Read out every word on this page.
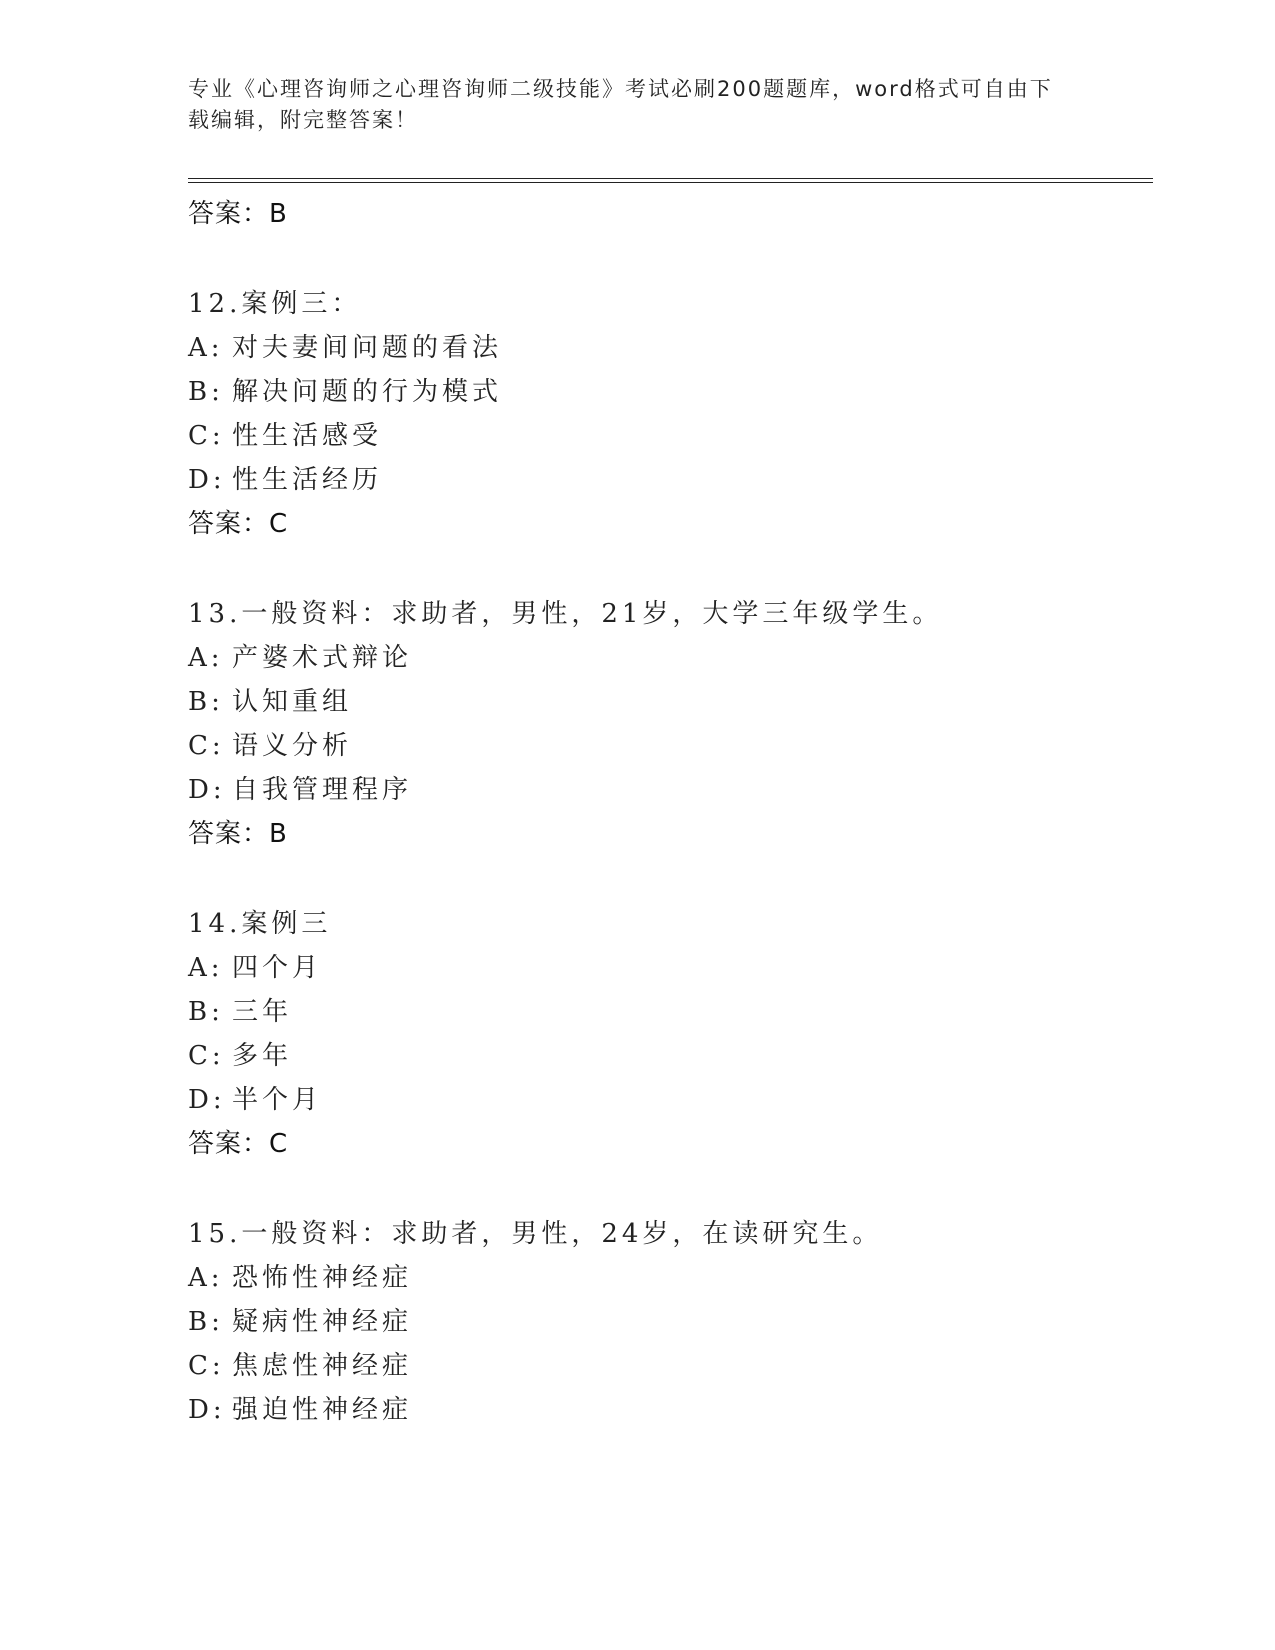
专业《心理咨询师之心理咨询师二级技能》考试必刷200题题库，word格式可自由下载编辑，附完整答案！
答案：B
12.案例三：
A: 对夫妻间问题的看法
B: 解决问题的行为模式
C: 性生活感受
D: 性生活经历
答案：C
13.一般资料：求助者，男性，21岁，大学三年级学生。
A: 产婆术式辩论
B: 认知重组
C: 语义分析
D: 自我管理程序
答案：B
14.案例三
A: 四个月
B: 三年
C: 多年
D: 半个月
答案：C
15.一般资料：求助者，男性，24岁，在读研究生。
A: 恐怖性神经症
B: 疑病性神经症
C: 焦虑性神经症
D: 强迫性神经症
